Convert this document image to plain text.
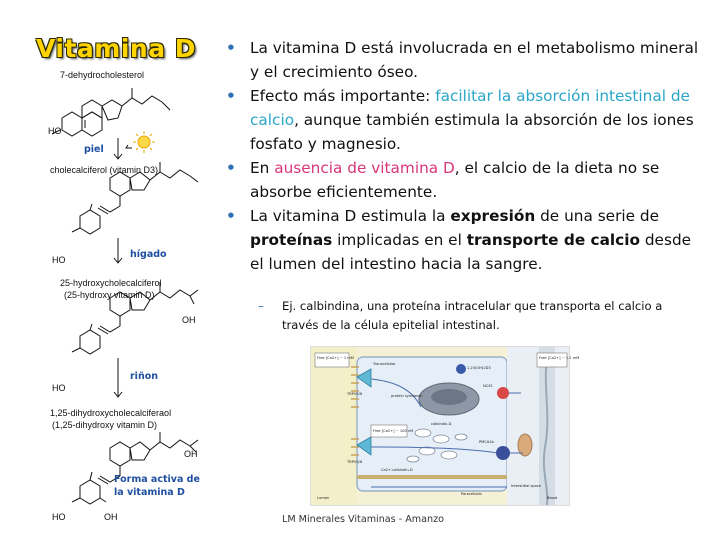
Vitamina D
7-dehydrocholesterol
HO
piel
cholecalciferol (vitamin D3)
HO	hígado
25-hydroxycholecalciferol
(25-hydroxy vitamin D)
OH
HO
riñon
1,25-dihydroxycholecalciferaol
(1,25-dihydroxy vitamin D)
OH
Forma activa de
la vitamina D
HO	OH
• La vitamina D está involucrada en el metabolismo mineral y el crecimiento óseo.
• Efecto más importante: facilitar la absorción intestinal de calcio, aunque también estimula la absorción de los iones fosfato y magnesio.
• En ausencia de vitamina D, el calcio de la dieta no se absorbe eficientemente.
• La vitamina D estimula la expresión de una serie de proteínas implicadas en el transporte de calcio desde el lumen del intestino hacia la sangre.
– Ej. calbindina, una proteína intracelular que transporta el calcio a través de la célula epitelial intestinal.
Free [Ca2+] ~ 1 mM	Free [Ca2+] ~ 1.2 mM
Free [Ca2+] ~ 100 nM
Transcellular
TRPV5/6
TRPV5/6
1,25(OH)2D3
protein synthesis
calbindin-D
Ca2+-calbindin-D
NCX1
PMCA1b
Paracellular
Interstitial space
Lumen	Blood
LM Minerales Vitaminas - Amanzo
